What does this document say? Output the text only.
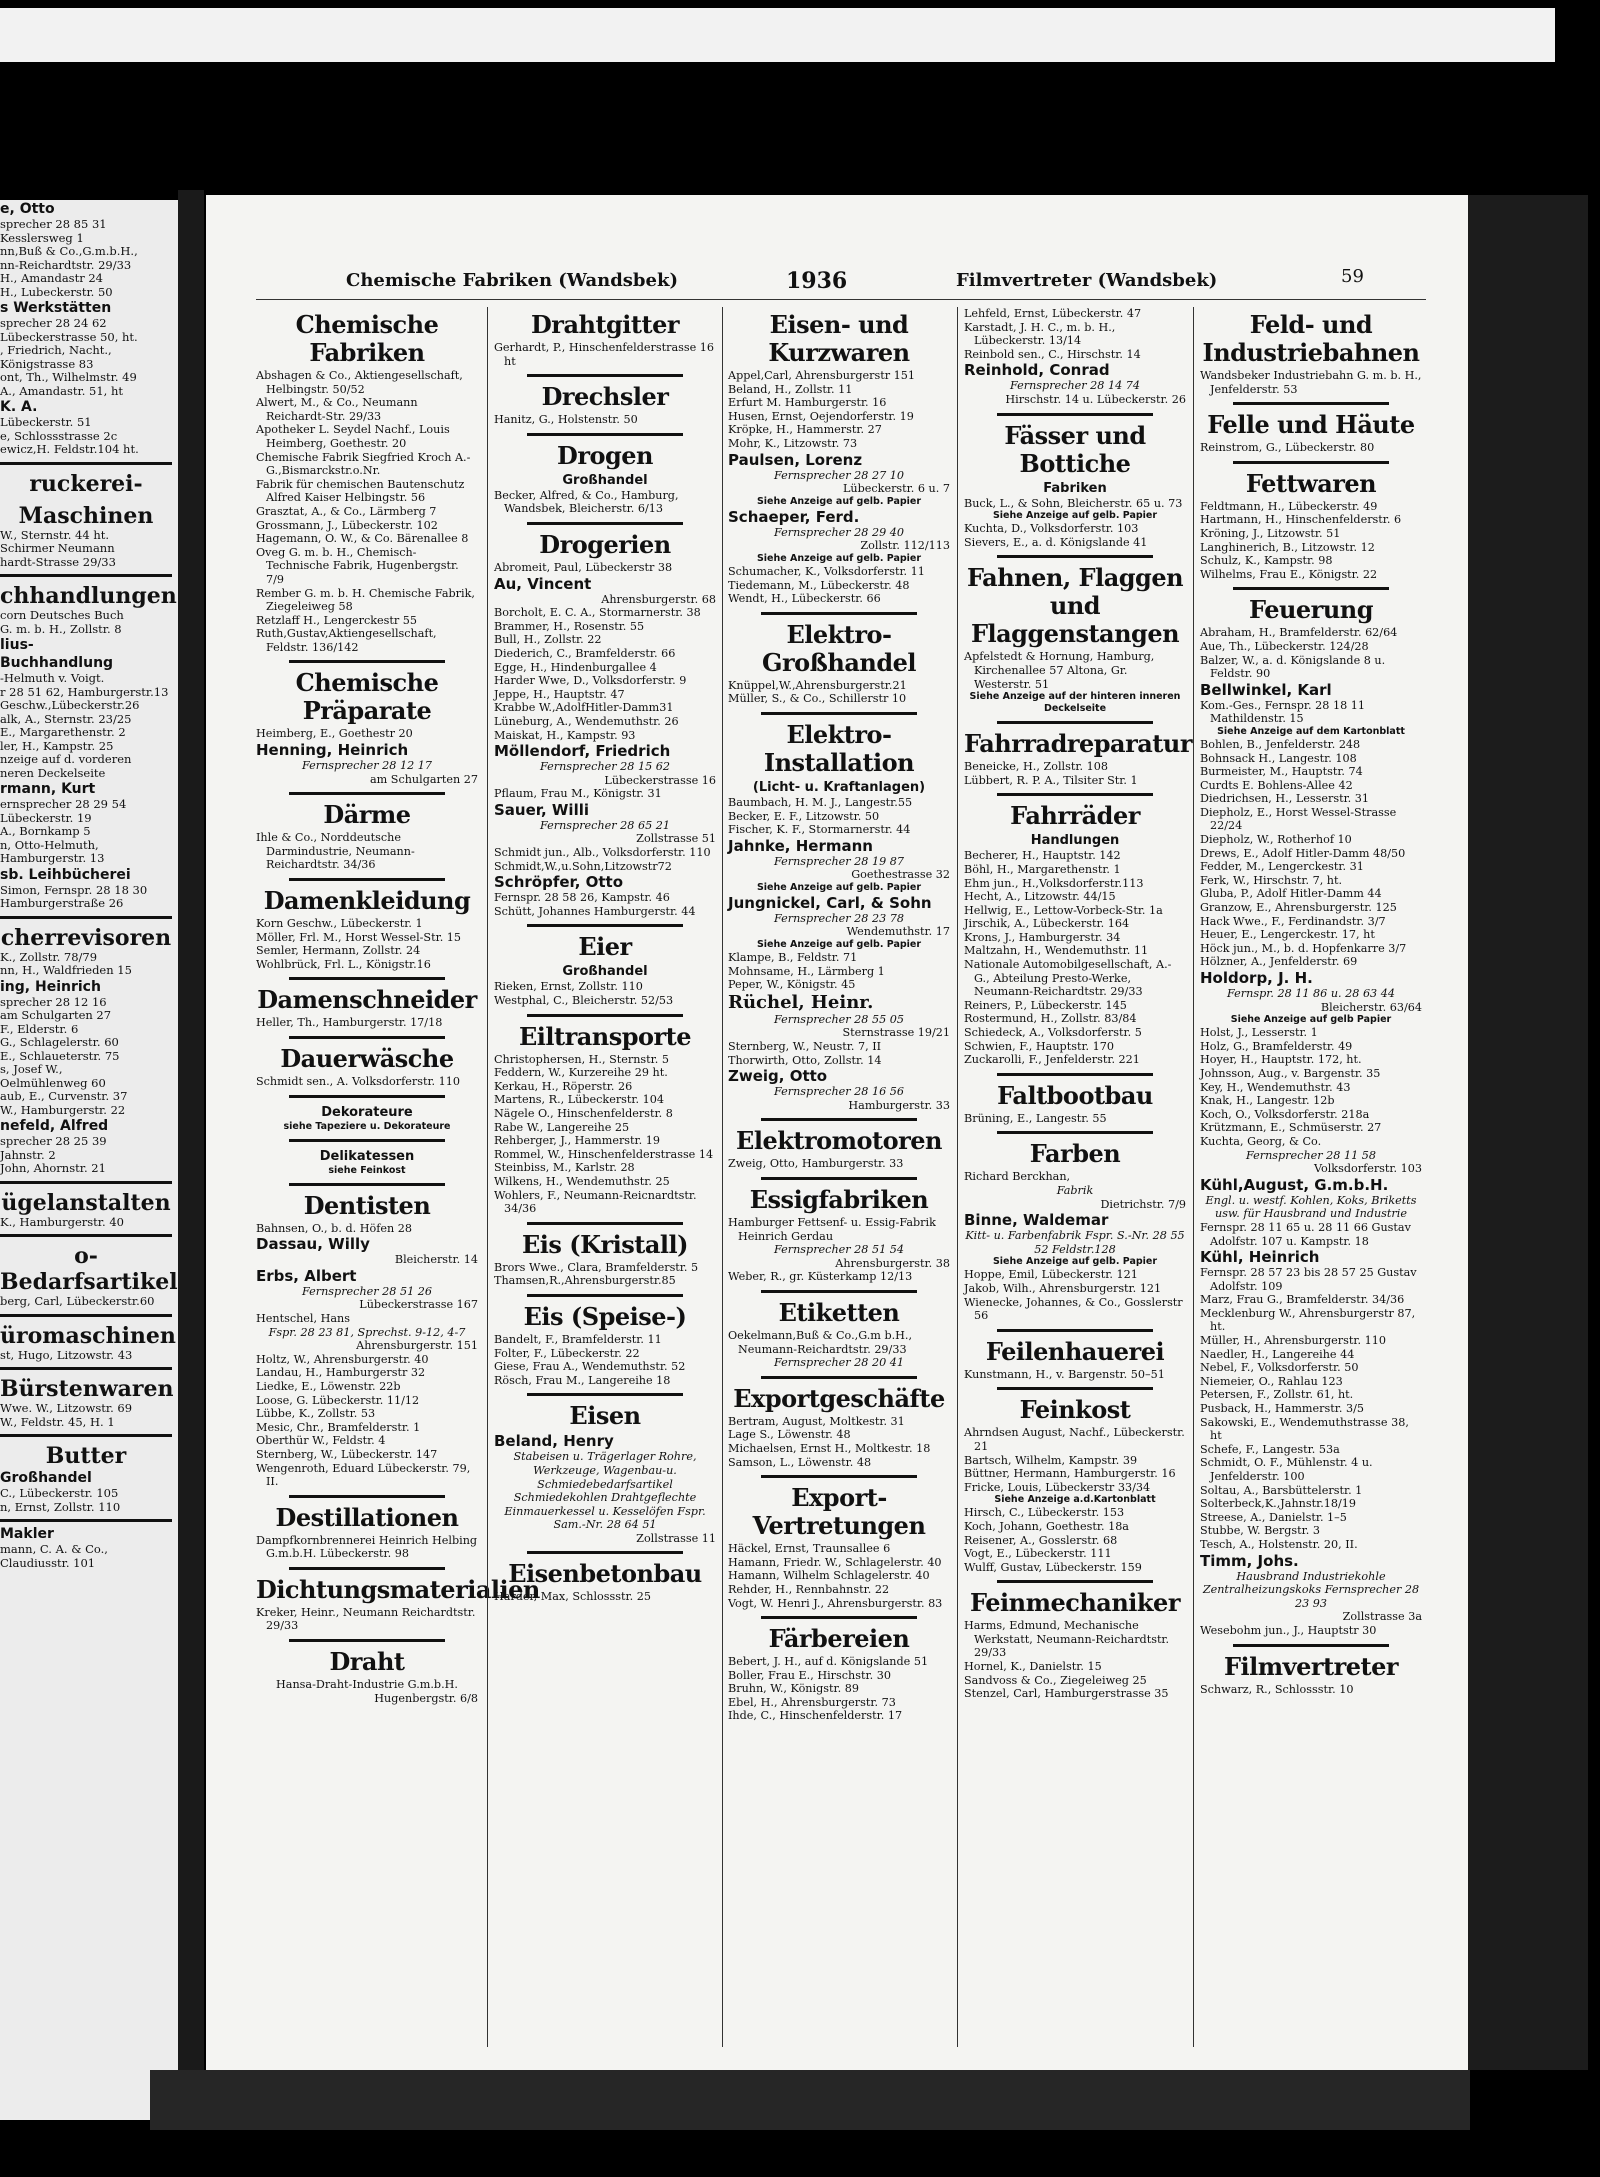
e, Otto
sprecher 28 85 31
Kesslersweg 1
nn,Buß & Co.,G.m.b.H.,
nn-Reichardtstr. 29/33
H., Amandastr 24
H., Lubeckerstr. 50
s Werkstätten
sprecher 28 24 62
Lübeckerstrasse 50, ht.
, Friedrich, Nacht.,
Königstrasse 83
ont, Th., Wilhelmstr. 49
A., Amandastr. 51, ht
K. A.
Lübeckerstr. 51
e, Schlossstrasse 2c
ewicz,H. Feldstr.104 ht.
ruckerei-
Maschinen
W., Sternstr. 44 ht.
Schirmer Neumann
hardt-Strasse 29/33
chhandlungen
corn Deutsches Buch
G. m. b. H., Zollstr. 8
lius-
Buchhandlung
-Helmuth v. Voigt.
r 28 51 62, Hamburgerstr.13
Geschw.,Lübeckerstr.26
alk, A., Sternstr. 23/25
E., Margarethenstr. 2
ler, H., Kampstr. 25
nzeige auf d. vorderen
neren Deckelseite
rmann, Kurt
ernsprecher 28 29 54
Lübeckerstr. 19
A., Bornkamp 5
n, Otto-Helmuth,
Hamburgerstr. 13
sb. Leihbücherei
Simon, Fernspr. 28 18 30
Hamburgerstraße 26
cherrevisoren
K., Zollstr. 78/79
nn, H., Waldfrieden 15
ing, Heinrich
sprecher 28 12 16
am Schulgarten 27
F., Elderstr. 6
G., Schlagelerstr. 60
E., Schlaueterstr. 75
s, Josef W.,
Oelmühlenweg 60
aub, E., Curvenstr. 37
W., Hamburgerstr. 22
nefeld, Alfred
sprecher 28 25 39
Jahnstr. 2
John, Ahornstr. 21
ügelanstalten
K., Hamburgerstr. 40
o-Bedarfsartikel
berg, Carl, Lübeckerstr.60
üromaschinen
st, Hugo, Litzowstr. 43
Bürstenwaren
Wwe. W., Litzowstr. 69
W., Feldstr. 45, H. 1
Butter
Großhandel
C., Lübeckerstr. 105
n, Ernst, Zollstr. 110
Makler
mann, C. A. & Co.,
Claudiusstr. 101
Chemische Fabriken (Wandsbek)	1936	Filmvertreter (Wandsbek)	59
Chemische Fabriken
Abshagen & Co., Aktiengesellschaft, Helbingstr. 50/52
Alwert, M., & Co., Neumann Reichardt-Str. 29/33
Apotheker L. Seydel Nachf., Louis Heimberg, Goethestr. 20
Chemische Fabrik Siegfried Kroch A.-G.,Bismarckstr.o.Nr.
Fabrik für chemischen Bautenschutz Alfred Kaiser Helbingstr. 56
Grasztat, A., & Co., Lärmberg 7
Grossmann, J., Lübeckerstr. 102
Hagemann, O. W., & Co. Bärenallee 8
Oveg G. m. b. H., Chemisch-Technische Fabrik, Hugenbergstr. 7/9
Rember G. m. b. H. Chemische Fabrik, Ziegeleiweg 58
Retzlaff H., Lengerckestr 55
Ruth,Gustav,Aktiengesellschaft, Feldstr. 136/142
Chemische Präparate
Heimberg, E., Goethestr 20
Henning, Heinrich
Fernsprecher 28 12 17
am Schulgarten 27
Därme
Ihle & Co., Norddeutsche Darmindustrie, Neumann-Reichardtstr. 34/36
Damenkleidung
Korn Geschw., Lübeckerstr. 1
Möller, Frl. M., Horst Wessel-Str. 15
Semler, Hermann, Zollstr. 24
Wohlbrück, Frl. L., Königstr.16
Damenschneider
Heller, Th., Hamburgerstr. 17/18
Dauerwäsche
Schmidt sen., A. Volksdorferstr. 110
Dekorateure
siehe Tapeziere u. Dekorateure
Delikatessen
siehe Feinkost
Dentisten
Bahnsen, O., b. d. Höfen 28
Dassau, Willy
Bleicherstr. 14
Erbs, Albert
Fernsprecher 28 51 26
Lübeckerstrasse 167
Hentschel, Hans
Fspr. 28 23 81, Sprechst. 9-12, 4-7
Ahrensburgerstr. 151
Holtz, W., Ahrensburgerstr. 40
Landau, H., Hamburgerstr 32
Liedke, E., Löwenstr. 22b
Loose, G. Lübeckerstr. 11/12
Lübbe, K., Zollstr. 53
Mesic, Chr., Bramfelderstr. 1
Oberthür W., Feldstr. 4
Sternberg, W., Lübeckerstr. 147
Wengenroth, Eduard Lübeckerstr. 79, II.
Destillationen
Dampfkornbrennerei Heinrich Helbing G.m.b.H. Lübeckerstr. 98
Dichtungsmaterialien
Kreker, Heinr., Neumann Reichardtstr. 29/33
Draht
Hansa-Draht-Industrie G.m.b.H.
Hugenbergstr. 6/8
Drahtgitter
Gerhardt, P., Hinschenfelderstrasse 16 ht
Drechsler
Hanitz, G., Holstenstr. 50
Drogen
Großhandel
Becker, Alfred, & Co., Hamburg, Wandsbek, Bleicherstr. 6/13
Drogerien
Abromeit, Paul, Lübeckerstr 38
Au, Vincent
Ahrensburgerstr. 68
Borcholt, E. C. A., Stormarnerstr. 38
Brammer, H., Rosenstr. 55
Bull, H., Zollstr. 22
Diederich, C., Bramfelderstr. 66
Egge, H., Hindenburgallee 4
Harder Wwe, D., Volksdorferstr. 9
Jeppe, H., Hauptstr. 47
Krabbe W.,AdolfHitler-Damm31
Lüneburg, A., Wendemuthstr. 26
Maiskat, H., Kampstr. 93
Möllendorf, Friedrich
Fernsprecher 28 15 62
Lübeckerstrasse 16
Pflaum, Frau M., Königstr. 31
Sauer, Willi
Fernsprecher 28 65 21
Zollstrasse 51
Schmidt jun., Alb., Volksdorferstr. 110
Schmidt,W.,u.Sohn,Litzowstr72
Schröpfer, Otto
Fernspr. 28 58 26, Kampstr. 46
Schütt, Johannes Hamburgerstr. 44
Eier
Großhandel
Rieken, Ernst, Zollstr. 110
Westphal, C., Bleicherstr. 52/53
Eiltransporte
Christophersen, H., Sternstr. 5
Feddern, W., Kurzereihe 29 ht.
Kerkau, H., Röperstr. 26
Martens, R., Lübeckerstr. 104
Nägele O., Hinschenfelderstr. 8
Rabe W., Langereihe 25
Rehberger, J., Hammerstr. 19
Rommel, W., Hinschenfelderstrasse 14
Steinbiss, M., Karlstr. 28
Wilkens, H., Wendemuthstr. 25
Wohlers, F., Neumann-Reicnardtstr. 34/36
Eis (Kristall)
Brors Wwe., Clara, Bramfelderstr. 5
Thamsen,R.,Ahrensburgerstr.85
Eis (Speise-)
Bandelt, F., Bramfelderstr. 11
Folter, F., Lübeckerstr. 22
Giese, Frau A., Wendemuthstr. 52
Rösch, Frau M., Langereihe 18
Eisen
Beland, Henry
Stabeisen u. Trägerlager Rohre, Werkzeuge, Wagenbau-u. Schmiedebedarfsartikel Schmiedekohlen Drahtgeflechte Einmauerkessel u. Kesselöfen Fspr. Sam.-Nr. 28 64 51
Zollstrasse 11
Eisenbetonbau
Harder, Max, Schlossstr. 25
Eisen- und Kurzwaren
Appel,Carl, Ahrensburgerstr 151
Beland, H., Zollstr. 11
Erfurt M. Hamburgerstr. 16
Husen, Ernst, Oejendorferstr. 19
Kröpke, H., Hammerstr. 27
Mohr, K., Litzowstr. 73
Paulsen, Lorenz
Fernsprecher 28 27 10
Lübeckerstr. 6 u. 7
Siehe Anzeige auf gelb. Papier
Schaeper, Ferd.
Fernsprecher 28 29 40
Zollstr. 112/113
Siehe Anzeige auf gelb. Papier
Schumacher, K., Volksdorferstr. 11
Tiedemann, M., Lübeckerstr. 48
Wendt, H., Lübeckerstr. 66
Elektro-Großhandel
Knüppel,W.,Ahrensburgerstr.21
Müller, S., & Co., Schillerstr 10
Elektro-Installation
(Licht- u. Kraftanlagen)
Baumbach, H. M. J., Langestr.55
Becker, E. F., Litzowstr. 50
Fischer, K. F., Stormarnerstr. 44
Jahnke, Hermann
Fernsprecher 28 19 87
Goethestrasse 32
Siehe Anzeige auf gelb. Papier
Jungnickel, Carl, & Sohn
Fernsprecher 28 23 78
Wendemuthstr. 17
Siehe Anzeige auf gelb. Papier
Klampe, B., Feldstr. 71
Mohnsame, H., Lärmberg 1
Peper, W., Königstr. 45
Rüchel, Heinr.
Fernsprecher 28 55 05
Sternstrasse 19/21
Sternberg, W., Neustr. 7, II
Thorwirth, Otto, Zollstr. 14
Zweig, Otto
Fernsprecher 28 16 56
Hamburgerstr. 33
Elektromotoren
Zweig, Otto, Hamburgerstr. 33
Essigfabriken
Hamburger Fettsenf- u. Essig-Fabrik Heinrich Gerdau
Fernsprecher 28 51 54
Ahrensburgerstr. 38
Weber, R., gr. Küsterkamp 12/13
Etiketten
Oekelmann,Buß & Co.,G.m b.H., Neumann-Reichardtstr. 29/33
Fernsprecher 28 20 41
Exportgeschäfte
Bertram, August, Moltkestr. 31
Lage S., Löwenstr. 48
Michaelsen, Ernst H., Moltkestr. 18
Samson, L., Löwenstr. 48
Export-Vertretungen
Häckel, Ernst, Traunsallee 6
Hamann, Friedr. W., Schlagelerstr. 40
Hamann, Wilhelm Schlagelerstr. 40
Rehder, H., Rennbahnstr. 22
Vogt, W. Henri J., Ahrensburgerstr. 83
Färbereien
Bebert, J. H., auf d. Königslande 51
Boller, Frau E., Hirschstr. 30
Bruhn, W., Königstr. 89
Ebel, H., Ahrensburgerstr. 73
Ihde, C., Hinschenfelderstr. 17
Lehfeld, Ernst, Lübeckerstr. 47
Karstadt, J. H. C., m. b. H., Lübeckerstr. 13/14
Reinbold sen., C., Hirschstr. 14
Reinhold, Conrad
Fernsprecher 28 14 74
Hirschstr. 14 u. Lübeckerstr. 26
Fässer und Bottiche
Fabriken
Buck, L., & Sohn, Bleicherstr. 65 u. 73
Siehe Anzeige auf gelb. Papier
Kuchta, D., Volksdorferstr. 103
Sievers, E., a. d. Königslande 41
Fahnen, Flaggen und Flaggenstangen
Apfelstedt & Hornung, Hamburg, Kirchenallee 57 Altona, Gr. Westerstr. 51
Siehe Anzeige auf der hinteren inneren Deckelseite
Fahrradreparatur
Beneicke, H., Zollstr. 108
Lübbert, R. P. A., Tilsiter Str. 1
Fahrräder
Handlungen
Becherer, H., Hauptstr. 142
Böhl, H., Margarethenstr. 1
Ehm jun., H.,Volksdorferstr.113
Hecht, A., Litzowstr. 44/15
Hellwig, E., Lettow-Vorbeck-Str. 1a
Jirschik, A., Lübeckerstr. 164
Krons, J., Hamburgerstr. 34
Maltzahn, H., Wendemuthstr. 11
Nationale Automobilgesellschaft, A.-G., Abteilung Presto-Werke, Neumann-Reichardtstr. 29/33
Reiners, P., Lübeckerstr. 145
Rostermund, H., Zollstr. 83/84
Schiedeck, A., Volksdorferstr. 5
Schwien, F., Hauptstr. 170
Zuckarolli, F., Jenfelderstr. 221
Faltbootbau
Brüning, E., Langestr. 55
Farben
Richard Berckhan,
Fabrik
Dietrichstr. 7/9
Binne, Waldemar
Kitt- u. Farbenfabrik Fspr. S.-Nr. 28 55 52 Feldstr.128
Siehe Anzeige auf gelb. Papier
Hoppe, Emil, Lübeckerstr. 121
Jakob, Wilh., Ahrensburgerstr. 121
Wienecke, Johannes, & Co., Gosslerstr 56
Feilenhauerei
Kunstmann, H., v. Bargenstr. 50–51
Feinkost
Ahrndsen August, Nachf., Lübeckerstr. 21
Bartsch, Wilhelm, Kampstr. 39
Büttner, Hermann, Hamburgerstr. 16
Fricke, Louis, Lübeckerstr 33/34
Siehe Anzeige a.d.Kartonblatt
Hirsch, C., Lübeckerstr. 153
Koch, Johann, Goethestr. 18a
Reisener, A., Gosslerstr. 68
Vogt, E., Lübeckerstr. 111
Wulff, Gustav, Lübeckerstr. 159
Feinmechaniker
Harms, Edmund, Mechanische Werkstatt, Neumann-Reichardtstr. 29/33
Hornel, K., Danielstr. 15
Sandvoss & Co., Ziegeleiweg 25
Stenzel, Carl, Hamburgerstrasse 35
Feld- und Industriebahnen
Wandsbeker Industriebahn G. m. b. H., Jenfelderstr. 53
Felle und Häute
Reinstrom, G., Lübeckerstr. 80
Fettwaren
Feldtmann, H., Lübeckerstr. 49
Hartmann, H., Hinschenfelderstr. 6
Kröning, J., Litzowstr. 51
Langhinerich, B., Litzowstr. 12
Schulz, K., Kampstr. 98
Wilhelms, Frau E., Königstr. 22
Feuerung
Abraham, H., Bramfelderstr. 62/64
Aue, Th., Lübeckerstr. 124/28
Balzer, W., a. d. Königslande 8 u. Feldstr. 90
Bellwinkel, Karl
Kom.-Ges., Fernspr. 28 18 11 Mathildenstr. 15
Siehe Anzeige auf dem Kartonblatt
Bohlen, B., Jenfelderstr. 248
Bohnsack H., Langestr. 108
Burmeister, M., Hauptstr. 74
Curdts E. Bohlens-Allee 42
Diedrichsen, H., Lesserstr. 31
Diepholz, E., Horst Wessel-Strasse 22/24
Diepholz, W., Rotherhof 10
Drews, E., Adolf Hitler-Damm 48/50
Fedder, M., Lengerckestr. 31
Ferk, W., Hirschstr. 7, ht.
Gluba, P., Adolf Hitler-Damm 44
Granzow, E., Ahrensburgerstr. 125
Hack Wwe., F., Ferdinandstr. 3/7
Heuer, E., Lengerckestr. 17, ht
Höck jun., M., b. d. Hopfenkarre 3/7
Hölzner, A., Jenfelderstr. 69
Holdorp, J. H.
Fernspr. 28 11 86 u. 28 63 44
Bleicherstr. 63/64
Siehe Anzeige auf gelb Papier
Holst, J., Lesserstr. 1
Holz, G., Bramfelderstr. 49
Hoyer, H., Hauptstr. 172, ht.
Johnsson, Aug., v. Bargenstr. 35
Key, H., Wendemuthstr. 43
Knak, H., Langestr. 12b
Koch, O., Volksdorferstr. 218a
Krützmann, E., Schmüserstr. 27
Kuchta, Georg, & Co.
Fernsprecher 28 11 58
Volksdorferstr. 103
Kühl,August, G.m.b.H.
Engl. u. westf. Kohlen, Koks, Briketts usw. für Hausbrand und Industrie
Fernspr. 28 11 65 u. 28 11 66 Gustav Adolfstr. 107 u. Kampstr. 18
Kühl, Heinrich
Fernspr. 28 57 23 bis 28 57 25 Gustav Adolfstr. 109
Marz, Frau G., Bramfelderstr. 34/36
Mecklenburg W., Ahrensburgerstr 87, ht.
Müller, H., Ahrensburgerstr. 110
Naedler, H., Langereihe 44
Nebel, F., Volksdorferstr. 50
Niemeier, O., Rahlau 123
Petersen, F., Zollstr. 61, ht.
Pusback, H., Hammerstr. 3/5
Sakowski, E., Wendemuthstrasse 38, ht
Schefe, F., Langestr. 53a
Schmidt, O. F., Mühlenstr. 4 u. Jenfelderstr. 100
Soltau, A., Barsbüttelerstr. 1
Solterbeck,K.,Jahnstr.18/19
Streese, A., Danielstr. 1–5
Stubbe, W. Bergstr. 3
Tesch, A., Holstenstr. 20, II.
Timm, Johs.
Hausbrand Industriekohle Zentralheizungskoks Fernsprecher 28 23 93
Zollstrasse 3a
Wesebohm jun., J., Hauptstr 30
Filmvertreter
Schwarz, R., Schlossstr. 10
